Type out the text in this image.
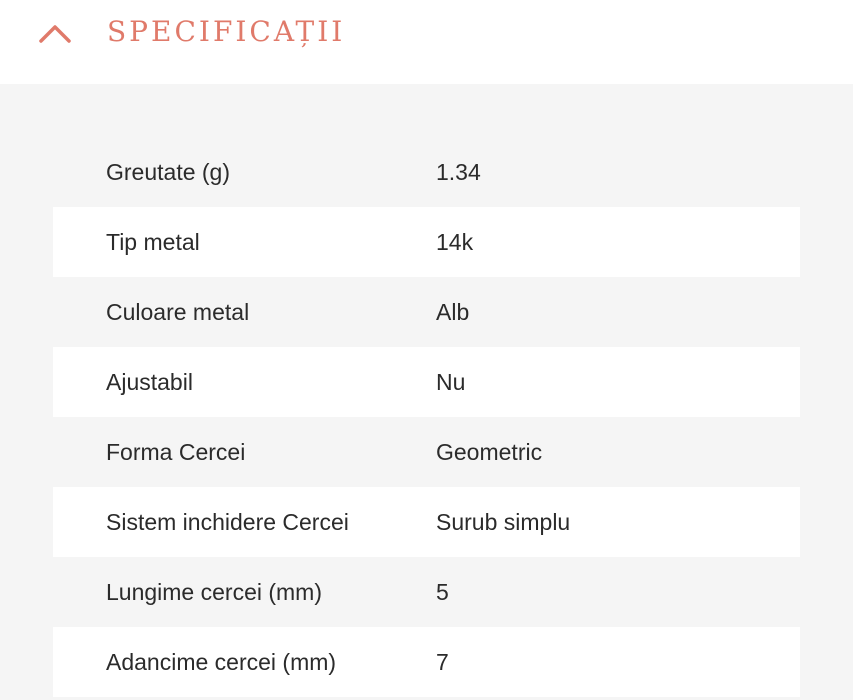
SPECIFICAȚII
Greutate (g)	1.34
Tip metal	14k
Culoare metal	Alb
Ajustabil	Nu
Forma Cercei	Geometric
Sistem inchidere Cercei	Surub simplu
Lungime cercei (mm)	5
Adancime cercei (mm)	7
